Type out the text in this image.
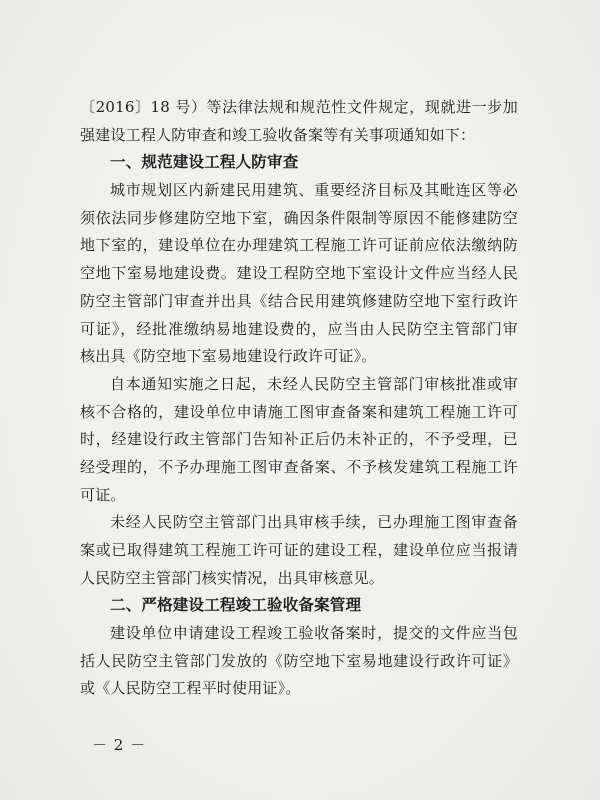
〔2016〕18 号）等法律法规和规范性文件规定，现就进一步加
强建设工程人防审查和竣工验收备案等有关事项通知如下：
一、规范建设工程人防审查
城市规划区内新建民用建筑、重要经济目标及其毗连区等必
须依法同步修建防空地下室，确因条件限制等原因不能修建防空
地下室的，建设单位在办理建筑工程施工许可证前应依法缴纳防
空地下室易地建设费。建设工程防空地下室设计文件应当经人民
防空主管部门审查并出具《结合民用建筑修建防空地下室行政许
可证》，经批准缴纳易地建设费的，应当由人民防空主管部门审
核出具《防空地下室易地建设行政许可证》。
自本通知实施之日起，未经人民防空主管部门审核批准或审
核不合格的，建设单位申请施工图审查备案和建筑工程施工许可
时，经建设行政主管部门告知补正后仍未补正的，不予受理，已
经受理的，不予办理施工图审查备案、不予核发建筑工程施工许
可证。
未经人民防空主管部门出具审核手续，已办理施工图审查备
案或已取得建筑工程施工许可证的建设工程，建设单位应当报请
人民防空主管部门核实情况，出具审核意见。
二、严格建设工程竣工验收备案管理
建设单位申请建设工程竣工验收备案时，提交的文件应当包
括人民防空主管部门发放的《防空地下室易地建设行政许可证》
或《人民防空工程平时使用证》。
－ 2 －
